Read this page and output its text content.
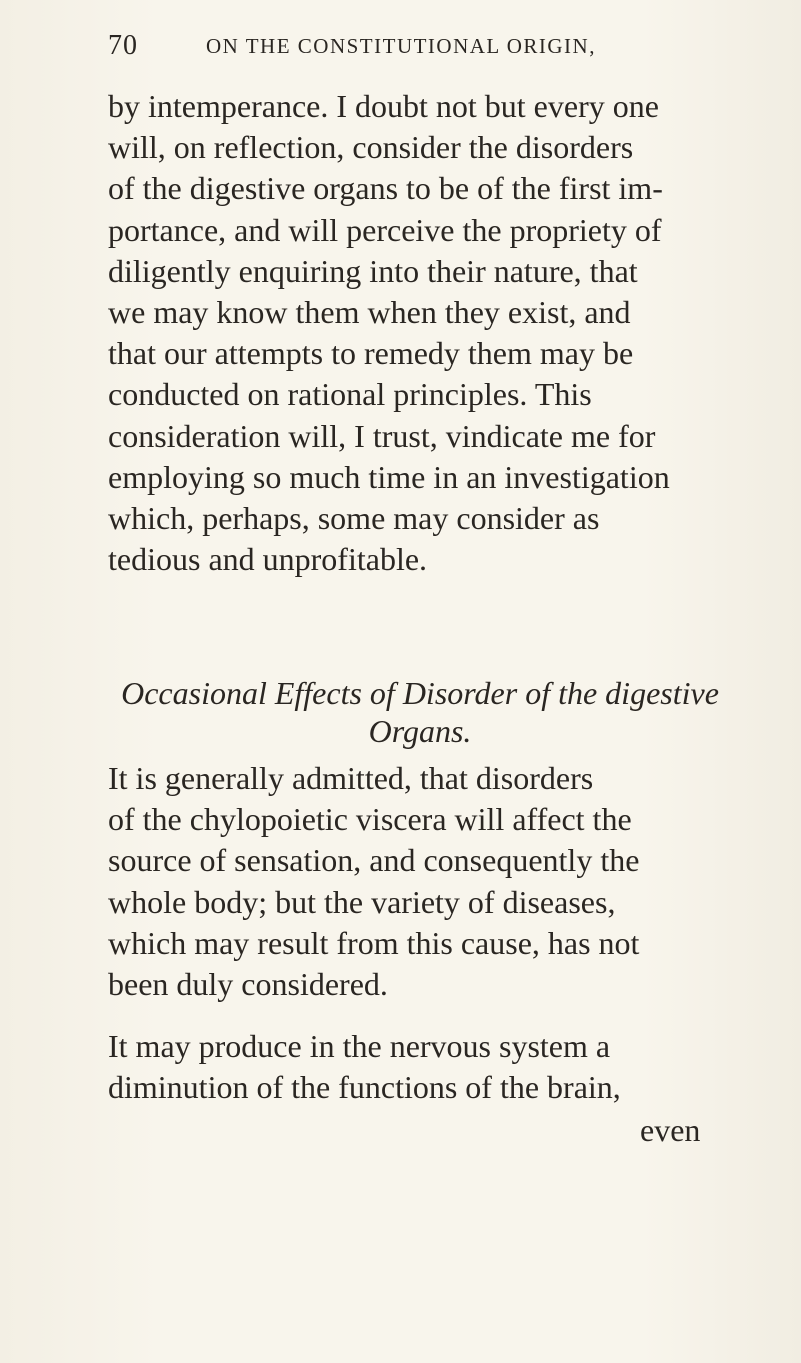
70	ON THE CONSTITUTIONAL ORIGIN,

by intemperance. I doubt not but every one
will, on reflection, consider the disorders
of the digestive organs to be of the first im-
portance, and will perceive the propriety of
diligently enquiring into their nature, that
we may know them when they exist, and
that our attempts to remedy them may be
conducted on rational principles. This
consideration will, I trust, vindicate me for
employing so much time in an investigation
which, perhaps, some may consider as
tedious and unprofitable.

Occasional Effects of Disorder of the digestive
Organs.

It is generally admitted, that disorders
of the chylopoietic viscera will affect the
source of sensation, and consequently the
whole body; but the variety of diseases,
which may result from this cause, has not
been duly considered.

It may produce in the nervous system a
diminution of the functions of the brain,

even
